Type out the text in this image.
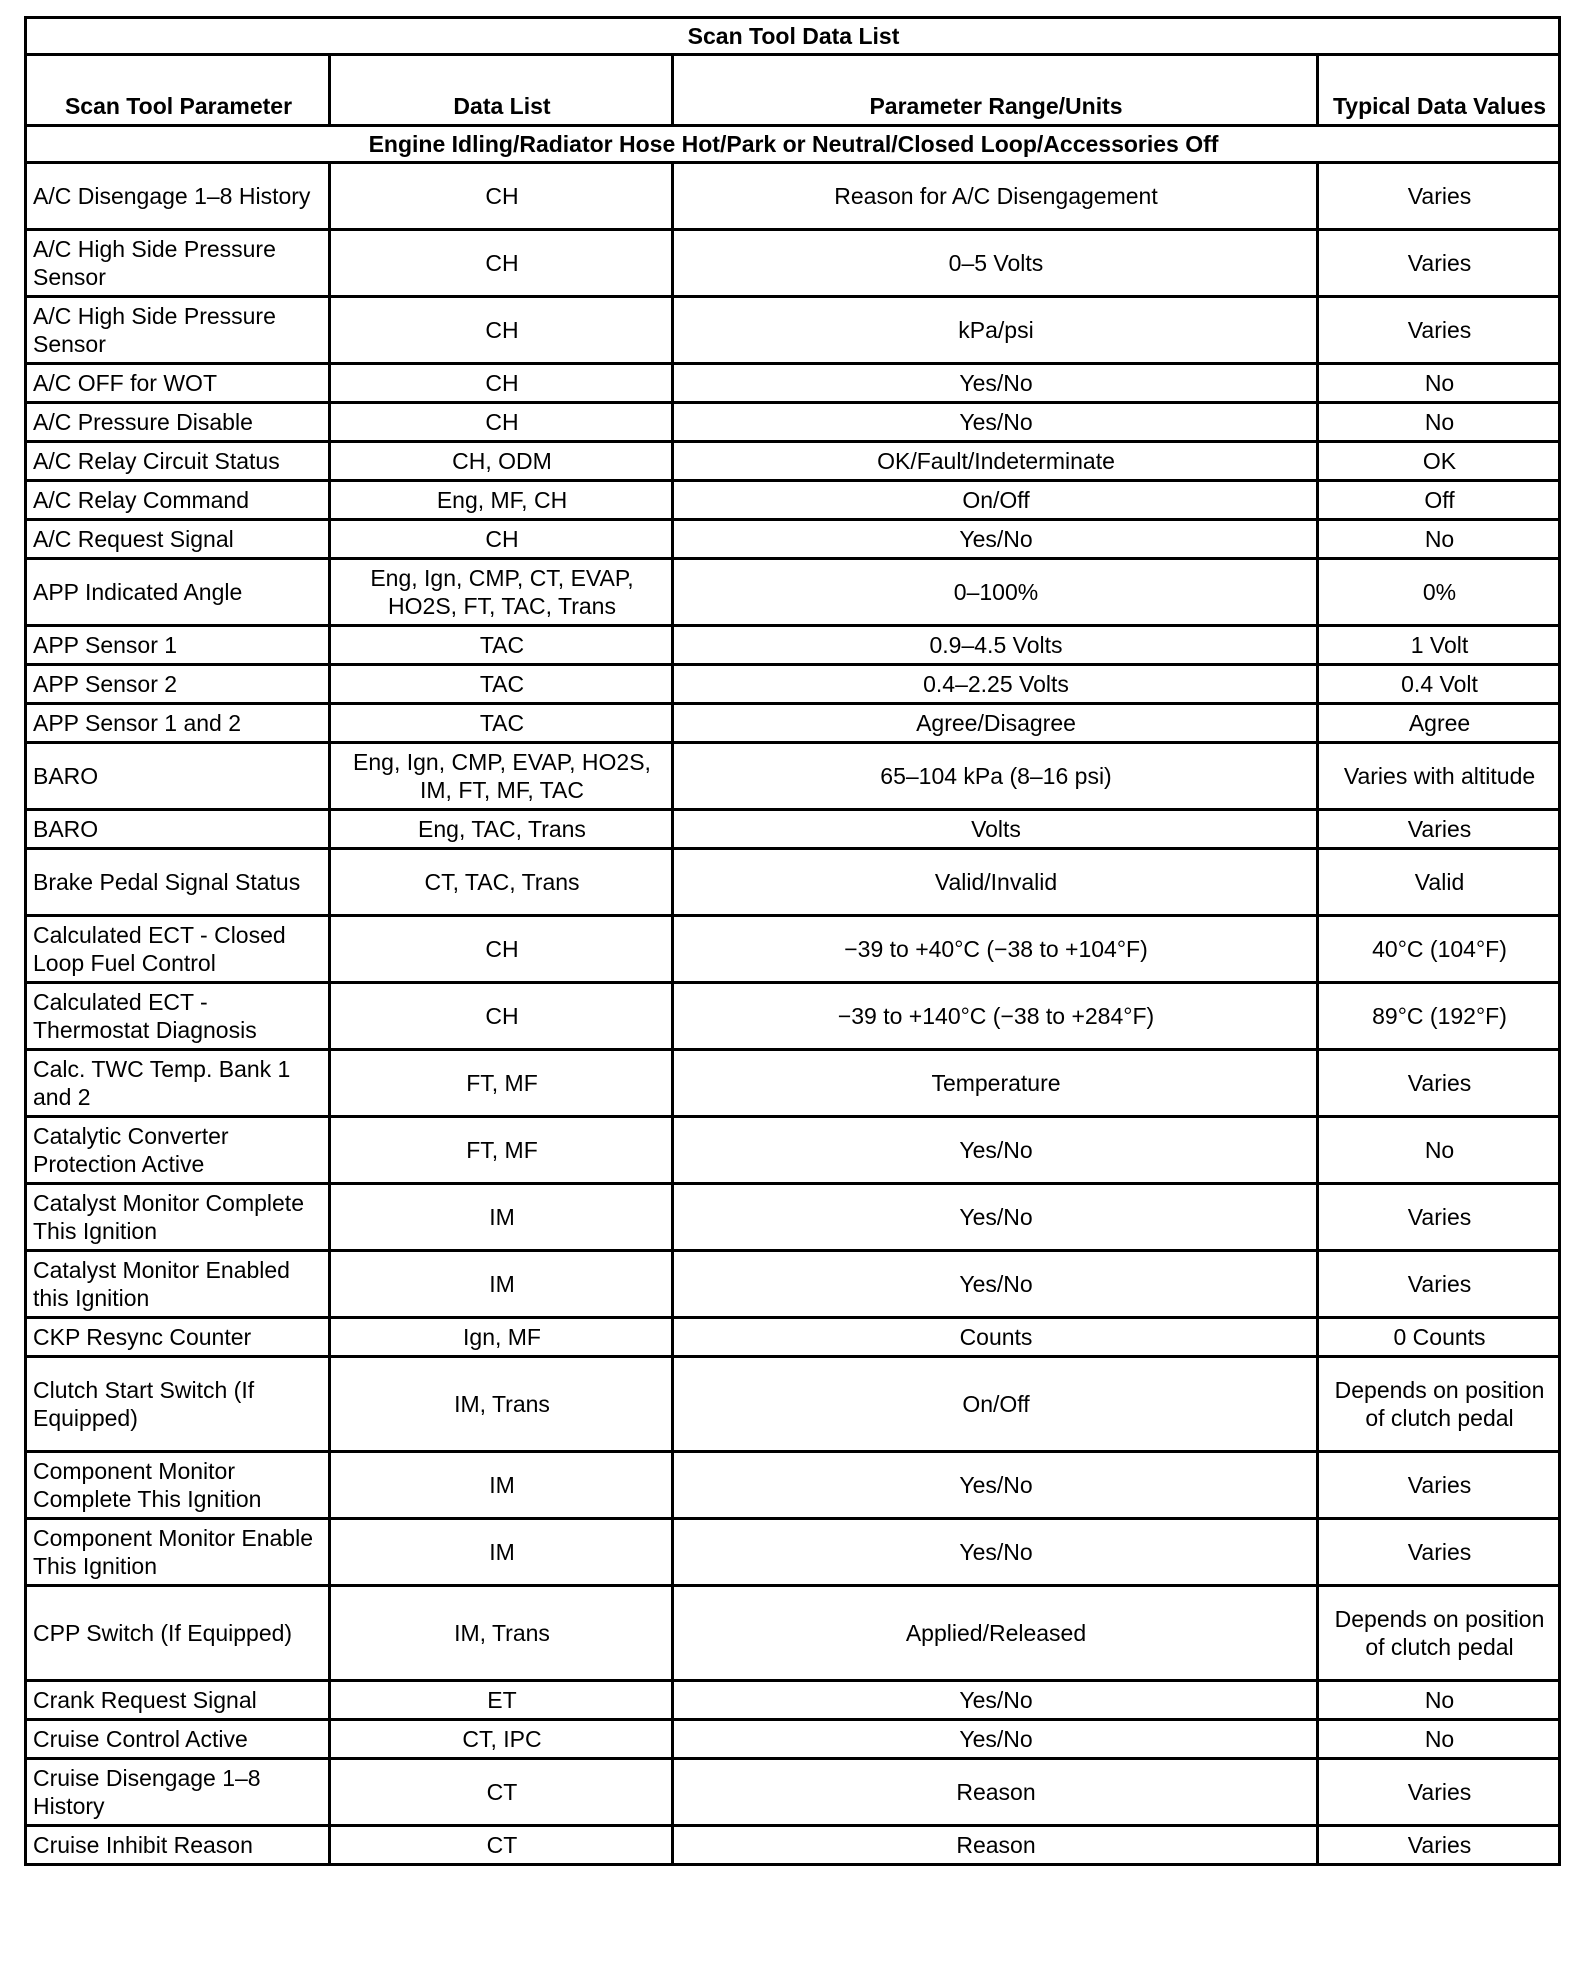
Scan Tool Data List			
Scan Tool Parameter	Data List	Parameter Range/Units	Typical Data Values
Engine Idling/Radiator Hose Hot/Park or Neutral/Closed Loop/Accessories Off			
A/C Disengage 1–8 History	CH	Reason for A/C Disengagement	Varies
A/C High Side Pressure Sensor	CH	0–5 Volts	Varies
A/C High Side Pressure Sensor	CH	kPa/psi	Varies
A/C OFF for WOT	CH	Yes/No	No
A/C Pressure Disable	CH	Yes/No	No
A/C Relay Circuit Status	CH, ODM	OK/Fault/Indeterminate	OK
A/C Relay Command	Eng, MF, CH	On/Off	Off
A/C Request Signal	CH	Yes/No	No
APP Indicated Angle	Eng, Ign, CMP, CT, EVAP, HO2S, FT, TAC, Trans	0–100%	0%
APP Sensor 1	TAC	0.9–4.5 Volts	1 Volt
APP Sensor 2	TAC	0.4–2.25 Volts	0.4 Volt
APP Sensor 1 and 2	TAC	Agree/Disagree	Agree
BARO	Eng, Ign, CMP, EVAP, HO2S, IM, FT, MF, TAC	65–104 kPa (8–16 psi)	Varies with altitude
BARO	Eng, TAC, Trans	Volts	Varies
Brake Pedal Signal Status	CT, TAC, Trans	Valid/Invalid	Valid
Calculated ECT - Closed Loop Fuel Control	CH	−39 to +40°C (−38 to +104°F)	40°C (104°F)
Calculated ECT - Thermostat Diagnosis	CH	−39 to +140°C (−38 to +284°F)	89°C (192°F)
Calc. TWC Temp. Bank 1 and 2	FT, MF	Temperature	Varies
Catalytic Converter Protection Active	FT, MF	Yes/No	No
Catalyst Monitor Complete This Ignition	IM	Yes/No	Varies
Catalyst Monitor Enabled this Ignition	IM	Yes/No	Varies
CKP Resync Counter	Ign, MF	Counts	0 Counts
Clutch Start Switch (If Equipped)	IM, Trans	On/Off	Depends on position of clutch pedal
Component Monitor Complete This Ignition	IM	Yes/No	Varies
Component Monitor Enable This Ignition	IM	Yes/No	Varies
CPP Switch (If Equipped)	IM, Trans	Applied/Released	Depends on position of clutch pedal
Crank Request Signal	ET	Yes/No	No
Cruise Control Active	CT, IPC	Yes/No	No
Cruise Disengage 1–8 History	CT	Reason	Varies
Cruise Inhibit Reason	CT	Reason	Varies
